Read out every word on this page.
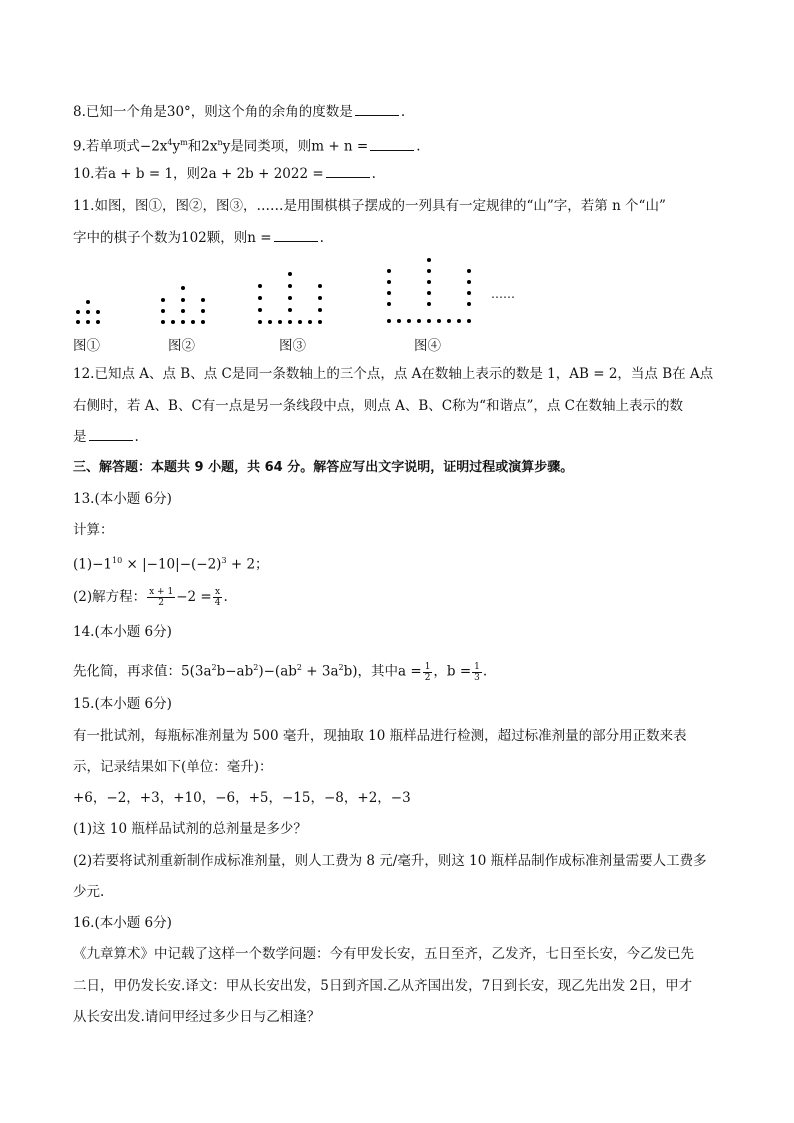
8.已知一个角是30°，则这个角的余角的度数是	.
9.若单项式$-2x^4y^m$和$2x^ny$是同类项，则m + n =	.
10.若a + b = 1，则2a + 2b + 2022 =	.
11.如图，图①，图②，图③，……是用围棋棋子摆成的一列具有一定规律的“山”字，若第 n 个“山”
字中的棋子个数为102颗，则n =	.
……
图①	图②	图③	图④
12.已知点 A、点 B、点 C是同一条数轴上的三个点，点 A在数轴上表示的数是 1，AB = 2，当点 B在 A点
右侧时，若 A、B、C有一点是另一条线段中点，则点 A、B、C称为“和谐点”，点 C在数轴上表示的数
是	.
三、解答题：本题共 9 小题，共 64 分。解答应写出文字说明，证明过程或演算步骤。
13.(本小题 6分)
计算：
$(1)-1^{10} \times |-10|-(-2)^3 + 2$；
(2)解方程： $\frac{x + 1}{2} -2 = \frac{x}{4}$ .
14.(本小题 6分)
先化简，再求值：$5(3a^2b-ab^2)-(ab^2 + 3a^2b)$，其中$a = \frac{1}{2}$ ，$b = \frac{1}{3}$ .
15.(本小题 6分)
有一批试剂，每瓶标准剂量为 500 毫升，现抽取 10 瓶样品进行检测，超过标准剂量的部分用正数来表
示，记录结果如下(单位：毫升)：
+6，−2，+3，+10，−6，+5，−15，−8，+2，−3
(1)这 10 瓶样品试剂的总剂量是多少？
(2)若要将试剂重新制作成标准剂量，则人工费为 8 元/毫升，则这 10 瓶样品制作成标准剂量需要人工费多
少元.
16.(本小题 6分)
《九章算术》中记载了这样一个数学问题：今有甲发长安，五日至齐，乙发齐，七日至长安，今乙发已先
二日，甲仍发长安.译文：甲从长安出发，5日到齐国.乙从齐国出发，7日到长安，现乙先出发 2日，甲才
从长安出发.请问甲经过多少日与乙相逢？
